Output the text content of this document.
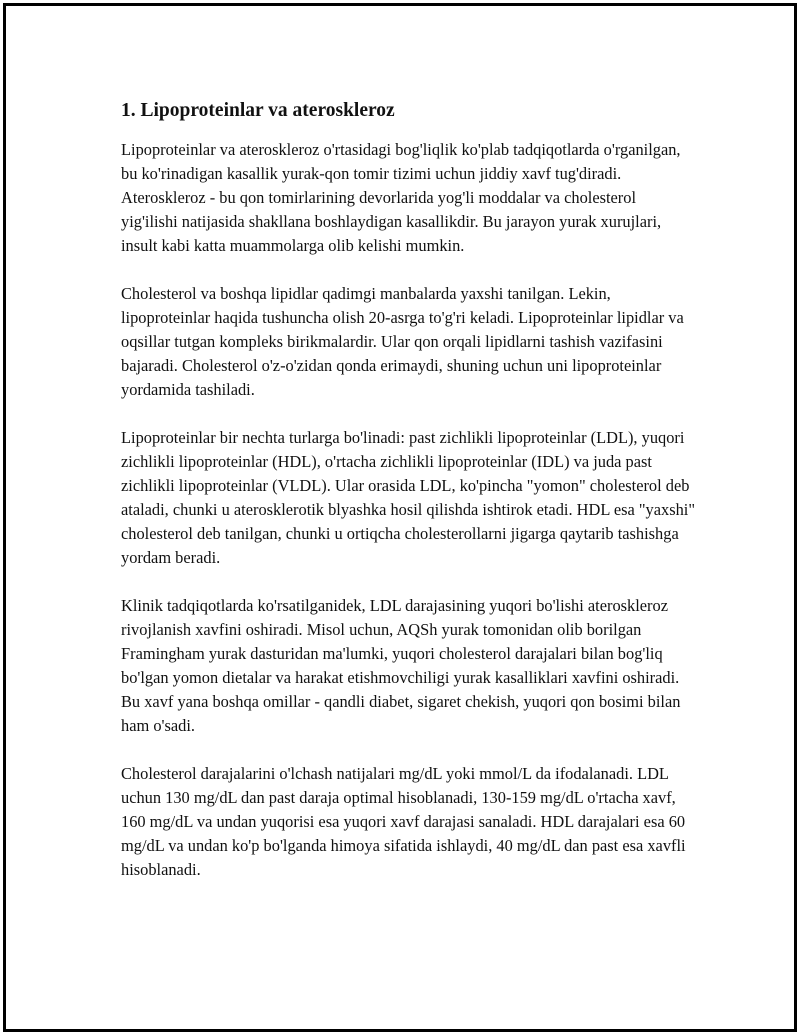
1. Lipoproteinlar va ateroskleroz

Lipoproteinlar va ateroskleroz o'rtasidagi bog'liqlik ko'plab tadqiqotlarda o'rganilgan, bu ko'rinadigan kasallik yurak-qon tomir tizimi uchun jiddiy xavf tug'diradi. Ateroskleroz - bu qon tomirlarining devorlarida yog'li moddalar va cholesterol yig'ilishi natijasida shakllana boshlaydigan kasallikdir. Bu jarayon yurak xurujlari, insult kabi katta muammolarga olib kelishi mumkin.

Cholesterol va boshqa lipidlar qadimgi manbalarda yaxshi tanilgan. Lekin, lipoproteinlar haqida tushuncha olish 20-asrga to'g'ri keladi. Lipoproteinlar lipidlar va oqsillar tutgan kompleks birikmalardir. Ular qon orqali lipidlarni tashish vazifasini bajaradi. Cholesterol o'z-o'zidan qonda erimaydi, shuning uchun uni lipoproteinlar yordamida tashiladi.

Lipoproteinlar bir nechta turlarga bo'linadi: past zichlikli lipoproteinlar (LDL), yuqori zichlikli lipoproteinlar (HDL), o'rtacha zichlikli lipoproteinlar (IDL) va juda past zichlikli lipoproteinlar (VLDL). Ular orasida LDL, ko'pincha "yomon" cholesterol deb ataladi, chunki u aterosklerotik blyashka hosil qilishda ishtirok etadi. HDL esa "yaxshi" cholesterol deb tanilgan, chunki u ortiqcha cholesterollarni jigarga qaytarib tashishga yordam beradi.

Klinik tadqiqotlarda ko'rsatilganidek, LDL darajasining yuqori bo'lishi ateroskleroz rivojlanish xavfini oshiradi. Misol uchun, AQSh yurak tomonidan olib borilgan Framingham yurak dasturidan ma'lumki, yuqori cholesterol darajalari bilan bog'liq bo'lgan yomon dietalar va harakat etishmovchiligi yurak kasalliklari xavfini oshiradi. Bu xavf yana boshqa omillar - qandli diabet, sigaret chekish, yuqori qon bosimi bilan ham o'sadi.

Cholesterol darajalarini o'lchash natijalari mg/dL yoki mmol/L da ifodalanadi. LDL uchun 130 mg/dL dan past daraja optimal hisoblanadi, 130-159 mg/dL o'rtacha xavf, 160 mg/dL va undan yuqorisi esa yuqori xavf darajasi sanaladi. HDL darajalari esa 60 mg/dL va undan ko'p bo'lganda himoya sifatida ishlaydi, 40 mg/dL dan past esa xavfli hisoblanadi.
